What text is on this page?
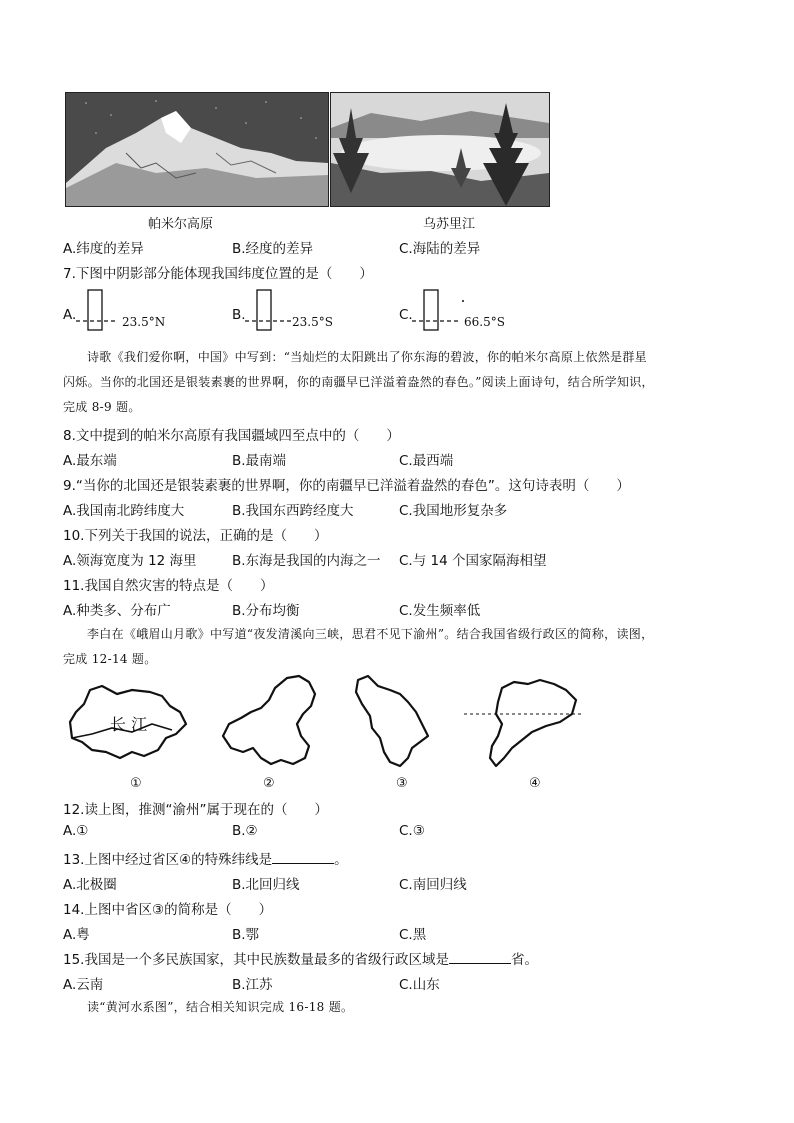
帕米尔高原	乌苏里江
A.纬度的差异	B.经度的差异	C.海陆的差异
7.下图中阴影部分能体现我国纬度位置的是（　　）
A.	23.5°N	B.	23.5°S	C.	66.5°S
诗歌《我们爱你啊，中国》中写到：“当灿烂的太阳跳出了你东海的碧波，你的帕米尔高原上依然是群星
闪烁。当你的北国还是银装素裹的世界啊，你的南疆早已洋溢着盎然的春色。”阅读上面诗句，结合所学知识，
完成 8-9 题。
8.文中提到的帕米尔高原有我国疆域四至点中的（　　）
A.最东端	B.最南端	C.最西端
9.“当你的北国还是银装素裹的世界啊，你的南疆早已洋溢着盎然的春色”。这句诗表明（　　）
A.我国南北跨纬度大	B.我国东西跨经度大	C.我国地形复杂多
10.下列关于我国的说法，正确的是（　　）
A.领海宽度为 12 海里	B.东海是我国的内海之一 C.与 14 个国家隔海相望
11.我国自然灾害的特点是（　　）
A.种类多、分布广	B.分布均衡	C.发生频率低
李白在《峨眉山月歌》中写道“夜发清溪向三峡，思君不见下渝州”。结合我国省级行政区的简称，读图，
完成 12-14 题。
长 江
①	②	③	④
12.读上图，推测“渝州”属于现在的（　　）
A.①	B.②	C.③
13.上图中经过省区④的特殊纬线是	。
A.北极圈	B.北回归线	C.南回归线
14.上图中省区③的简称是（　　）
A.粤	B.鄂	C.黑
15.我国是一个多民族国家，其中民族数量最多的省级行政区域是	省。
A.云南	B.江苏	C.山东
读“黄河水系图”，结合相关知识完成 16-18 题。
